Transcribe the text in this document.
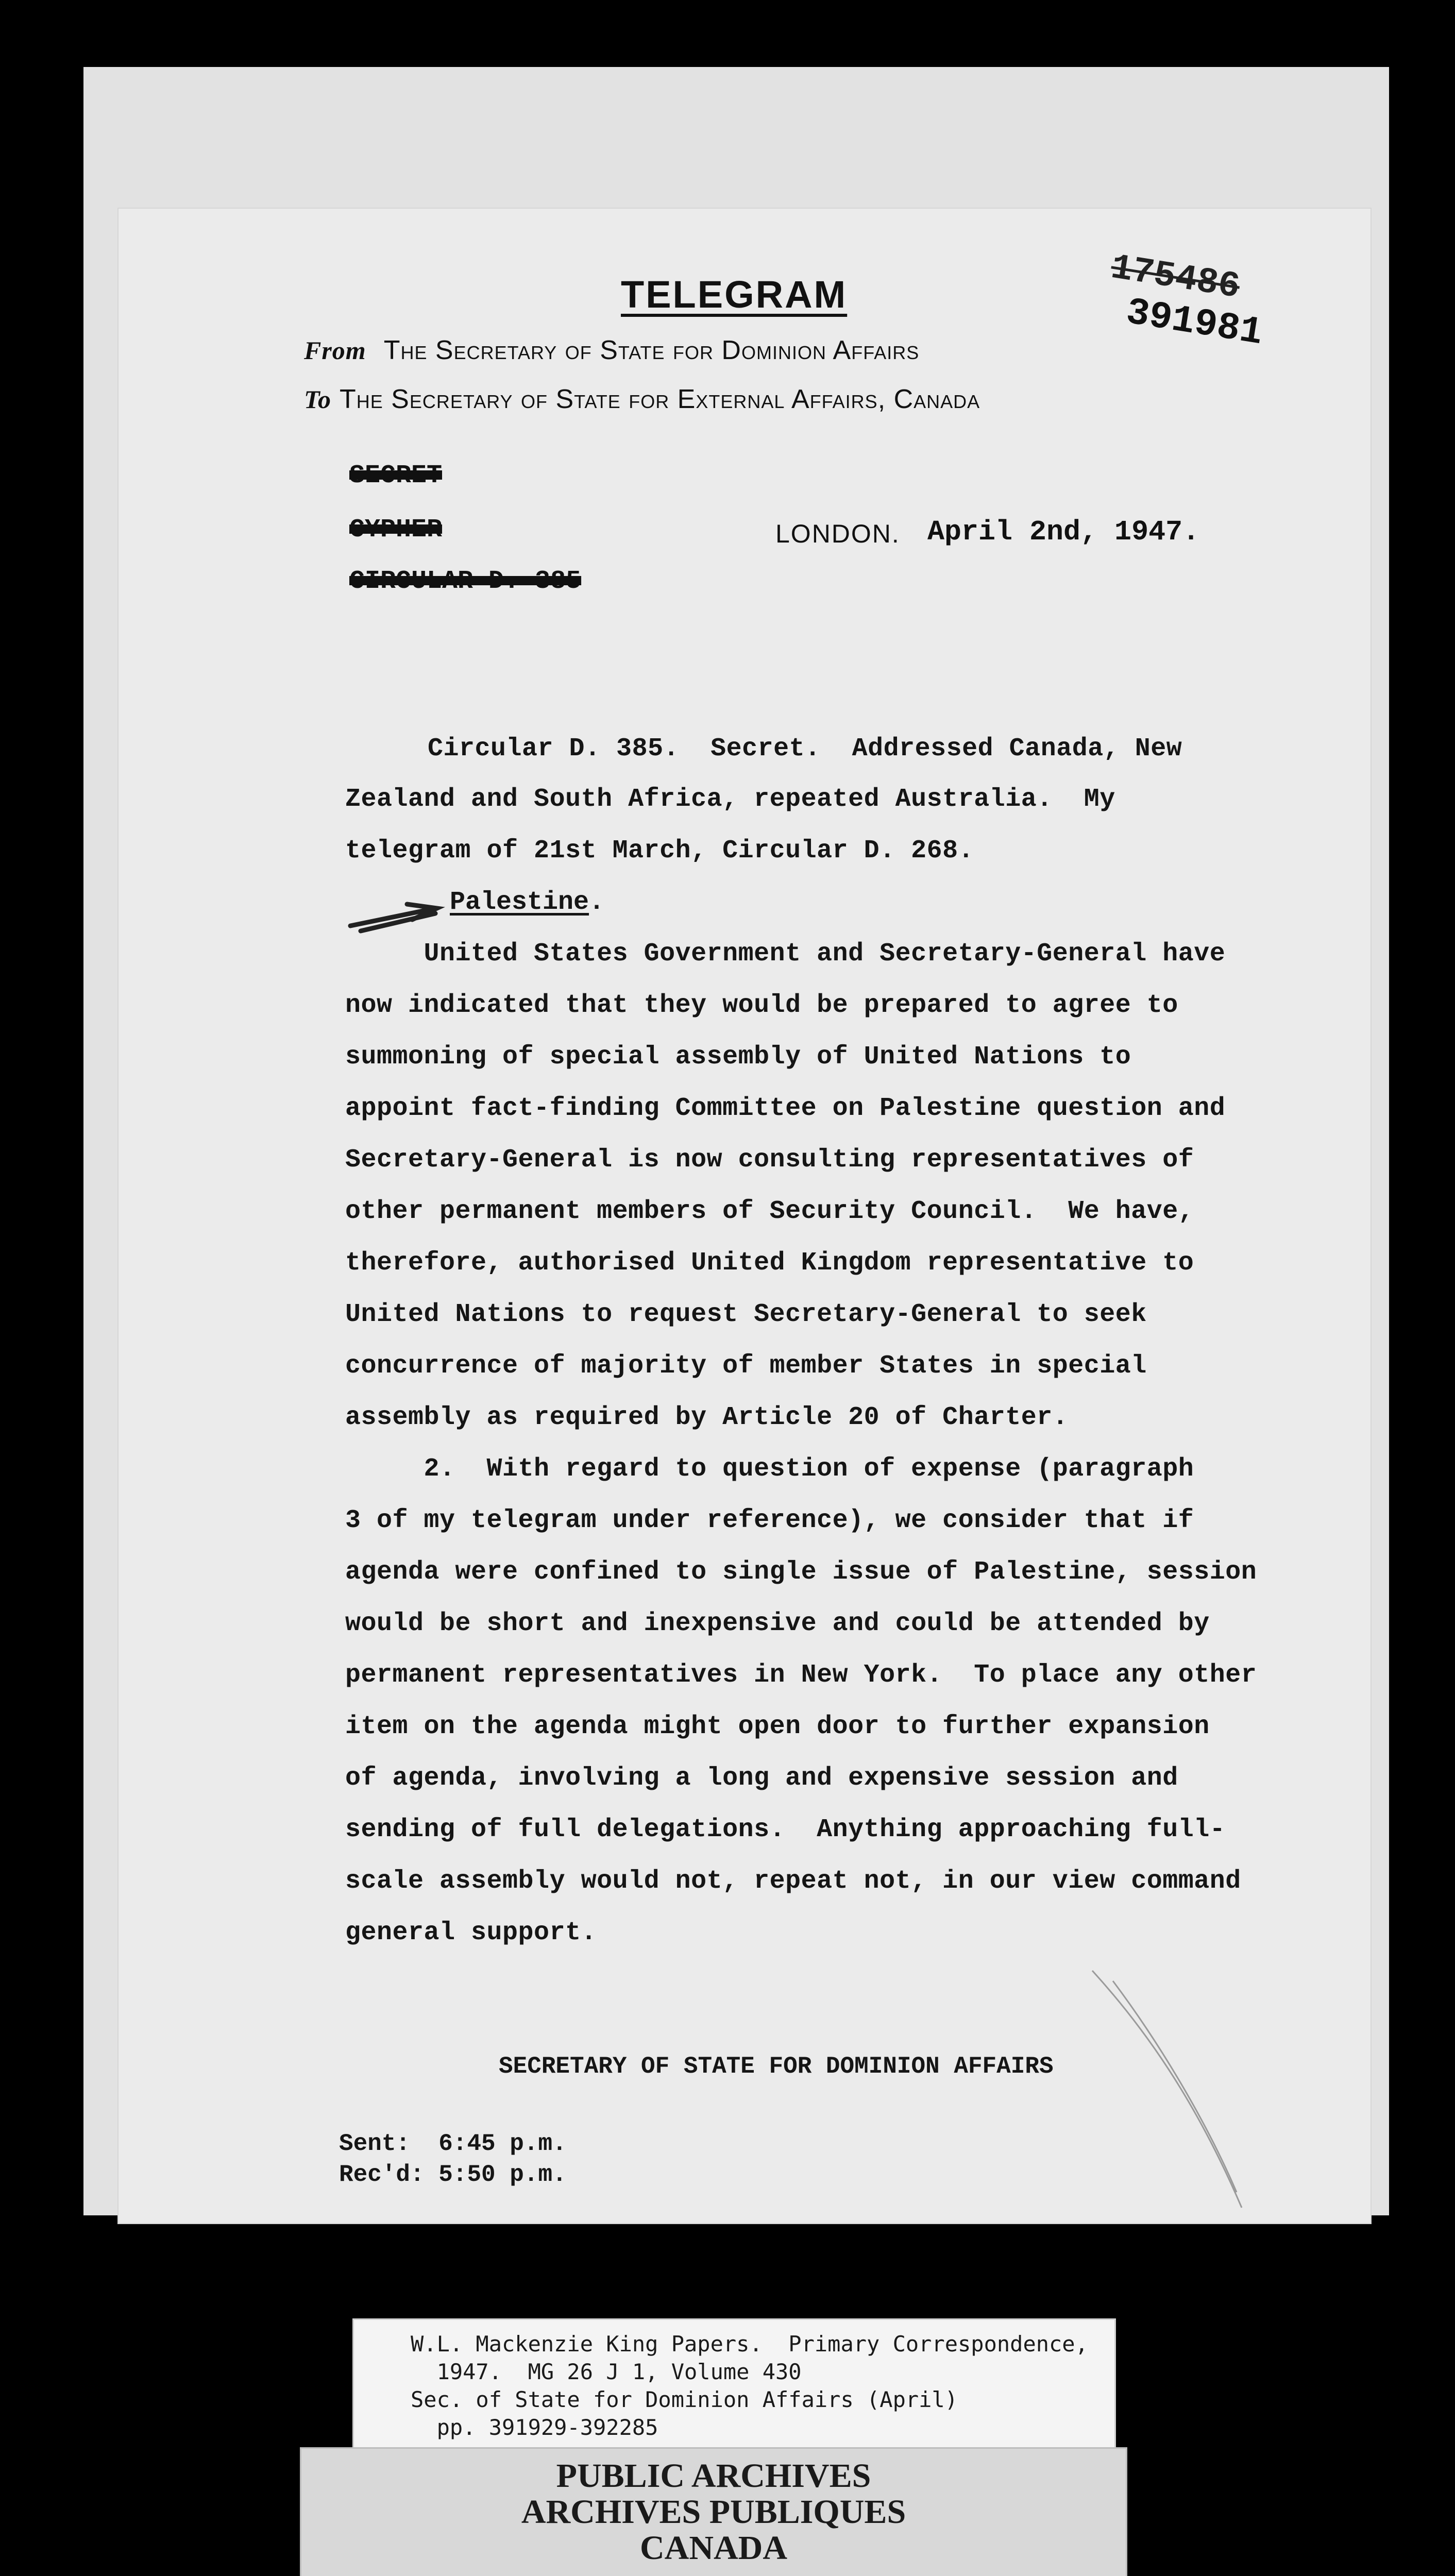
TELEGRAM	175486
391981
From The Secretary of State for Dominion Affairs
To The Secretary of State for External Affairs, Canada
SECRET
CYPHER
CIRCULAR D. 385
LONDON. April 2nd, 1947.
Circular D. 385.  Secret.  Addressed Canada, New
Zealand and South Africa, repeated Australia.  My
telegram of 21st March, Circular D. 268.
Palestine.
United States Government and Secretary-General have
now indicated that they would be prepared to agree to
summoning of special assembly of United Nations to
appoint fact-finding Committee on Palestine question and
Secretary-General is now consulting representatives of
other permanent members of Security Council.  We have,
therefore, authorised United Kingdom representative to
United Nations to request Secretary-General to seek
concurrence of majority of member States in special
assembly as required by Article 20 of Charter.
2.  With regard to question of expense (paragraph
3 of my telegram under reference), we consider that if
agenda were confined to single issue of Palestine, session
would be short and inexpensive and could be attended by
permanent representatives in New York.  To place any other
item on the agenda might open door to further expansion
of agenda, involving a long and expensive session and
sending of full delegations.  Anything approaching full-
scale assembly would not, repeat not, in our view command
general support.
SECRETARY OF STATE FOR DOMINION AFFAIRS
Sent:  6:45 p.m.
Rec'd: 5:50 p.m.
W.L. Mackenzie King Papers.  Primary Correspondence,
1947.  MG 26 J 1, Volume 430
Sec. of State for Dominion Affairs (April)
pp. 391929-392285
PUBLIC ARCHIVES
ARCHIVES PUBLIQUES
CANADA
